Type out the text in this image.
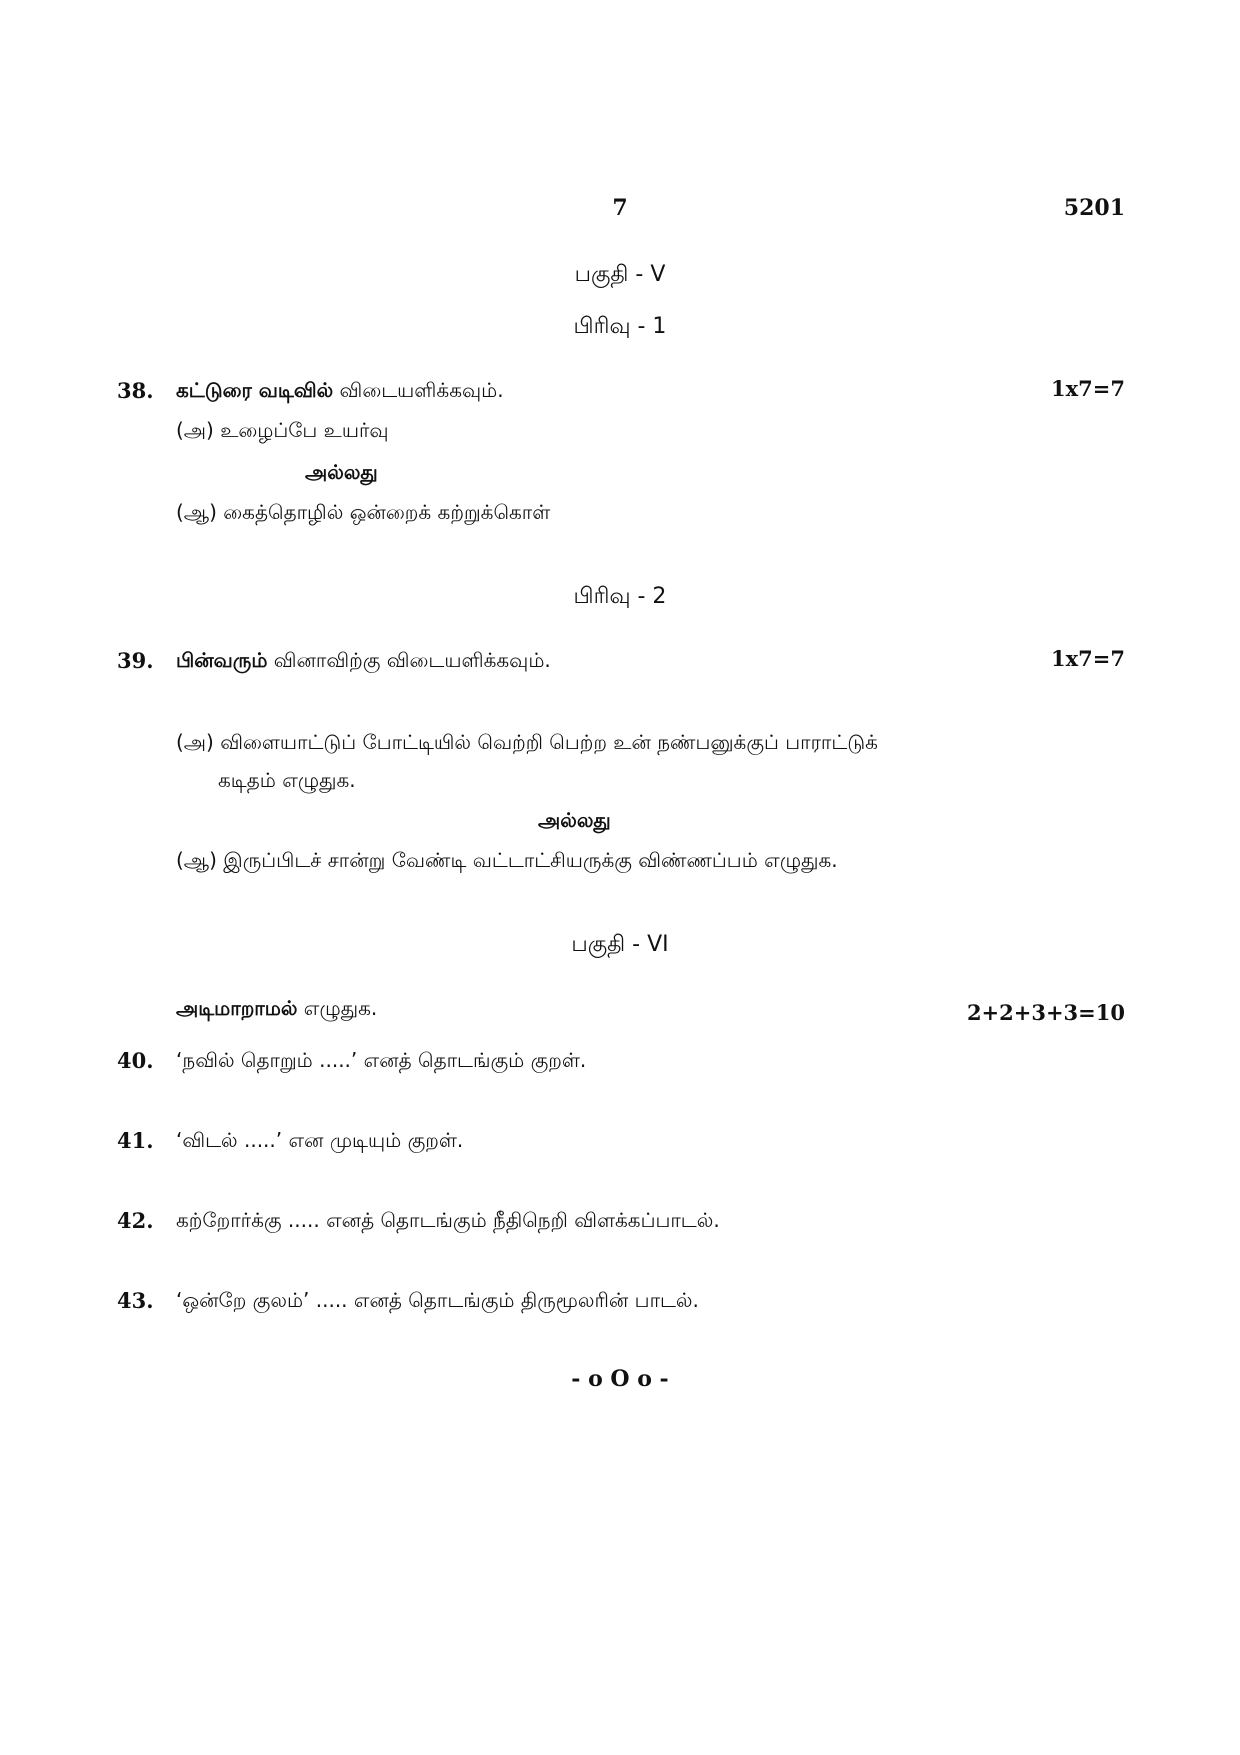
7	5201
பகுதி - V
பிரிவு - 1
38. கட்டுரை வடிவில் விடையளிக்கவும்.	1x7=7
(அ) உழைப்பே உயர்வு
அல்லது
(ஆ) கைத்தொழில் ஒன்றைக் கற்றுக்கொள்
பிரிவு - 2
39. பின்வரும் வினாவிற்கு விடையளிக்கவும்.	1x7=7
(அ) விளையாட்டுப் போட்டியில் வெற்றி பெற்ற உன் நண்பனுக்குப் பாராட்டுக்
கடிதம் எழுதுக.
அல்லது
(ஆ) இருப்பிடச் சான்று வேண்டி வட்டாட்சியருக்கு விண்ணப்பம் எழுதுக.
பகுதி - VI
அடிமாறாமல் எழுதுக.	2+2+3+3=10
40. ‘நவில் தொறும் .....’ எனத் தொடங்கும் குறள்.
41. ‘விடல் .....’ என முடியும் குறள்.
42. கற்றோர்க்கு ..... எனத் தொடங்கும் நீதிநெறி விளக்கப்பாடல்.
43. ‘ஒன்றே குலம்’ ..... எனத் தொடங்கும் திருமூலரின் பாடல்.
- o O o -
